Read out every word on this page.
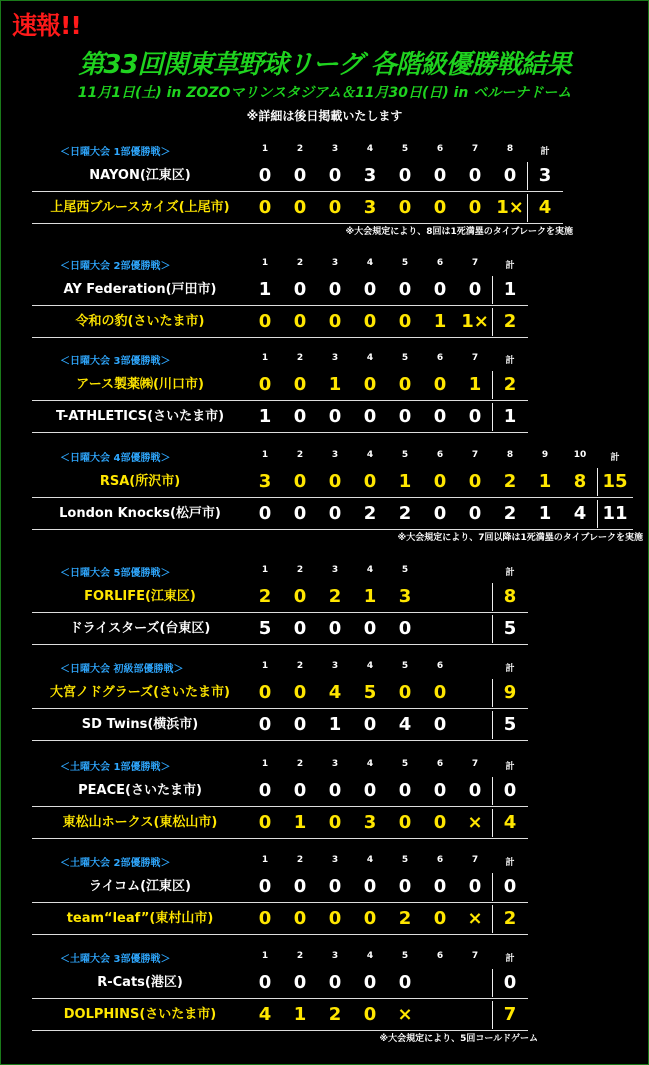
速報!!
第33回関東草野球リーグ 各階級優勝戦結果
11月1日(土) in ZOZOマリンスタジアム＆11月30日(日) in ベルーナドーム
※詳細は後日掲載いたします
＜日曜大会 1部優勝戦＞	1	2	3	4	5	6	7	8	計
NAYON(江東区)	0	0	0	3	0	0	0	0	3
上尾西ブルースカイズ(上尾市)	0	0	0	3	0	0	0 1× 4
※大会規定により、8回は1死満塁のタイブレークを実施
＜日曜大会 2部優勝戦＞	1	2	3	4	5	6	7	計
AY Federation(戸田市)	1	0	0	0	0	0	0	1
令和の豹(さいたま市)	0	0	0	0	0	1 1× 2
＜日曜大会 3部優勝戦＞	1	2	3	4	5	6	7	計
アース製薬㈱(川口市)	0	0	1	0	0	0	1	2
T-ATHLETICS(さいたま市)	1	0	0	0	0	0	0	1
＜日曜大会 4部優勝戦＞	1	2	3	4	5	6	7	8	9	10	計
RSA(所沢市)	3	0	0	0	1	0	0	2	1	8 15
London Knocks(松戸市)	0	0	0	2	2	0	0	2	1	4 11
※大会規定により、7回以降は1死満塁のタイブレークを実施
＜日曜大会 5部優勝戦＞	1	2	3	4	5	計
FORLIFE(江東区)	2	0	2	1	3	8
ドライスターズ(台東区)	5	0	0	0	0	5
＜日曜大会 初級部優勝戦＞	1	2	3	4	5	6	計
大宮ノドグラーズ(さいたま市)	0	0	4	5	0	0	9
SD Twins(横浜市)	0	0	1	0	4	0	5
＜土曜大会 1部優勝戦＞	1	2	3	4	5	6	7	計
PEACE(さいたま市)	0	0	0	0	0	0	0	0
東松山ホークス(東松山市)	0	1	0	3	0	0	×	4
＜土曜大会 2部優勝戦＞	1	2	3	4	5	6	7	計
ライコム(江東区)	0	0	0	0	0	0	0	0
team“leaf”(東村山市)	0	0	0	0	2	0	×	2
＜土曜大会 3部優勝戦＞	1	2	3	4	5	6	7	計
R-Cats(港区)	0	0	0	0	0	0
DOLPHINS(さいたま市)	4	1	2	0	×	7
※大会規定により、5回コールドゲーム
